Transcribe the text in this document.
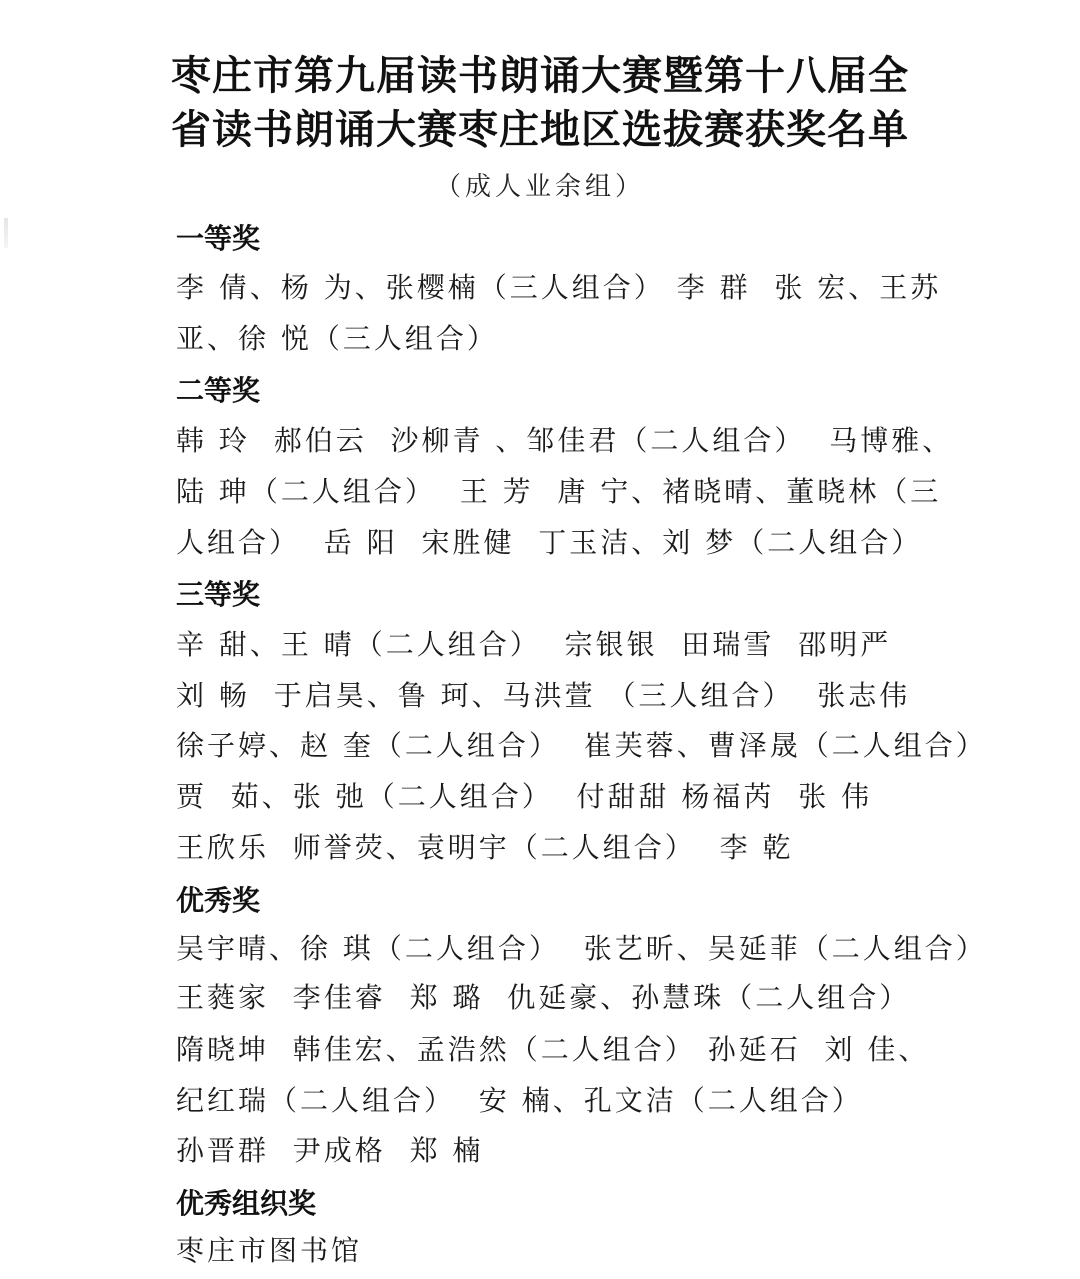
枣庄市第九届读书朗诵大赛暨第十八届全
省读书朗诵大赛枣庄地区选拔赛获奖名单
（成人业余组）
一等奖
李 倩、杨 为、张樱楠（三人组合） 李 群  张 宏、王苏
亚、徐 悦（三人组合）
二等奖
韩 玲  郝伯云  沙柳青 、邹佳君（二人组合）  马博雅、
陆 珅（二人组合）  王 芳  唐 宁、褚晓晴、董晓林（三
人组合）  岳 阳  宋胜健  丁玉洁、刘 梦（二人组合）
三等奖
辛 甜、王 晴（二人组合）  宗银银  田瑞雪  邵明严
刘 畅  于启昊、鲁 珂、马洪萱 （三人组合）  张志伟
徐子婷、赵 奎（二人组合）  崔芙蓉、曹泽晟（二人组合）
贾  茹、张 弛（二人组合）  付甜甜 杨福芮  张 伟
王欣乐  师誉荧、袁明宇（二人组合）  李 乾
优秀奖
吴宇晴、徐 琪（二人组合）  张艺昕、吴延菲（二人组合）
王蕤家  李佳睿  郑 璐  仇延豪、孙慧珠（二人组合）
隋晓坤  韩佳宏、孟浩然（二人组合） 孙延石  刘 佳、
纪红瑞（二人组合）  安 楠、孔文洁（二人组合）
孙晋群  尹成格  郑 楠
优秀组织奖
枣庄市图书馆
